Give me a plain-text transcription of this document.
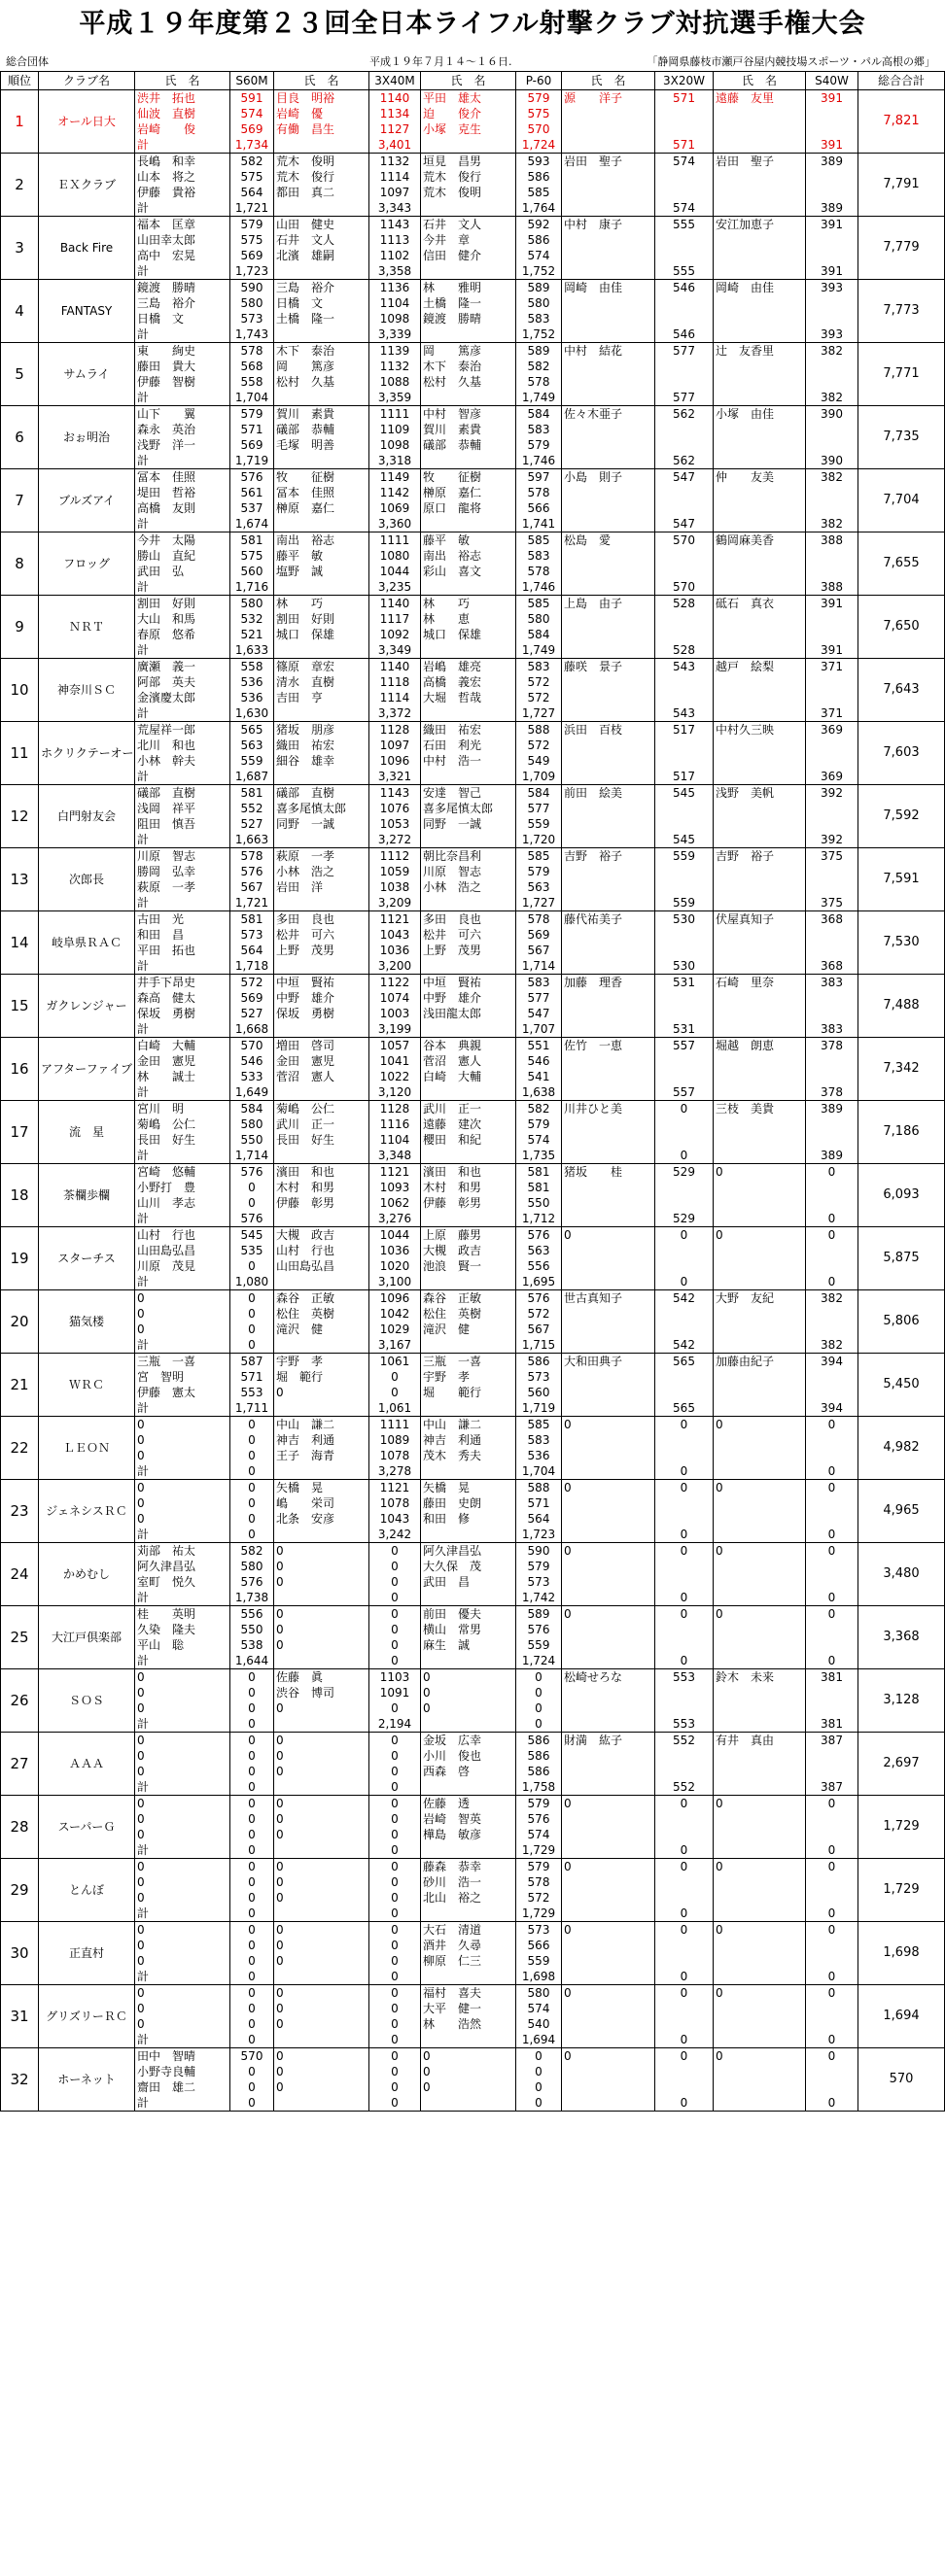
平成１９年度第２３回全日本ライフル射撃クラブ対抗選手権大会
総合団体	平成１９年７月１４～１６日.	「静岡県藤枝市瀬戸谷屋内競技場スポーツ・パル高根の郷」
順位	クラブ名	氏　名	S60M	氏　名	3X40M	氏　名	P-60	氏　名	3X20W	氏　名	S40W	総合合計
1	オール日大	渋井　拓也	591	目良　明裕	1140	平田　雄太	579	源　　洋子	571	遠藤　友里	391	7,821
		仙波　直樹	574	岩崎　優	1134	迫　　俊介	575					
		岩崎　　俊	569	有働　昌生	1127	小塚　克生	570					
		計	1,734		3,401		1,724		571		391	
2	ＥＸクラブ	長嶋　和幸	582	荒木　俊明	1132	垣見　昌男	593	岩田　聖子	574	岩田　聖子	389	7,791
		山本　将之	575	荒木　俊行	1114	荒木　俊行	586					
		伊藤　貴裕	564	都田　真二	1097	荒木　俊明	585					
		計	1,721		3,343		1,764		574		389	
3	Back Fire	福本　匡章	579	山田　健史	1143	石井　文人	592	中村　康子	555	安江加恵子	391	7,779
		山田幸太郎	575	石井　文人	1113	今井　章	586					
		高中　宏晃	569	北濱　雄嗣	1102	信田　健介	574					
		計	1,723		3,358		1,752		555		391	
4	FANTASY	鏡渡　勝晴	590	三島　裕介	1136	林　　雅明	589	岡崎　由佳	546	岡崎　由佳	393	7,773
		三島　裕介	580	日橋　文	1104	土橋　隆一	580					
		日橋　文	573	土橋　隆一	1098	鏡渡　勝晴	583					
		計	1,743		3,339		1,752		546		393	
5	サムライ	東　　絢史	578	木下　泰治	1139	岡　　篤彦	589	中村　結花	577	辻　友香里	382	7,771
		藤田　貴大	568	岡　　篤彦	1132	木下　泰治	582					
		伊藤　智樹	558	松村　久基	1088	松村　久基	578					
		計	1,704		3,359		1,749		577		382	
6	おぉ明治	山下　　翼	579	賀川　素貴	1111	中村　智彦	584	佐々木亜子	562	小塚　由佳	390	7,735
		森永　英治	571	礒部　恭輔	1109	賀川　素貴	583					
		浅野　洋一	569	毛塚　明善	1098	礒部　恭輔	579					
		計	1,719		3,318		1,746		562		390	
7	ブルズアイ	冨本　佳照	576	牧　　征樹	1149	牧　　征樹	597	小島　則子	547	仲　　友美	382	7,704
		堤田　哲裕	561	冨本　佳照	1142	榊原　嘉仁	578					
		高橋　友則	537	榊原　嘉仁	1069	原口　龍将	566					
		計	1,674		3,360		1,741		547		382	
8	フロッグ	今井　太陽	581	南出　裕志	1111	藤平　敏	585	松島　愛	570	鶴岡麻美香	388	7,655
		勝山　直紀	575	藤平　敏	1080	南出　裕志	583					
		武田　弘	560	塩野　誠	1044	彩山　喜文	578					
		計	1,716		3,235		1,746		570		388	
9	ＮＲＴ	割田　好則	580	林　　巧	1140	林　　巧	585	上島　由子	528	砥石　真衣	391	7,650
		大山　和馬	532	割田　好則	1117	林　　恵	580					
		春原　悠希	521	城口　保雄	1092	城口　保雄	584					
		計	1,633		3,349		1,749		528		391	
10	神奈川ＳＣ	廣瀬　義一	558	篠原　章宏	1140	岩嶋　雄亮	583	藤咲　景子	543	越戸　絵梨	371	7,643
		阿部　英夫	536	清水　直樹	1118	高橋　義宏	572					
		金濱慶太郎	536	吉田　亨	1114	大堀　哲哉	572					
		計	1,630		3,372		1,727		543		371	
11	ホクリクテーオー	荒屋祥一郎	565	猪坂　朋彦	1128	織田　祐宏	588	浜田　百枝	517	中村久三映	369	7,603
		北川　和也	563	織田　祐宏	1097	石田　利光	572					
		小林　幹夫	559	細谷　雄幸	1096	中村　浩一	549					
		計	1,687		3,321		1,709		517		369	
12	白門射友会	礒部　直樹	581	礒部　直樹	1143	安達　智己	584	前田　絵美	545	浅野　美帆	392	7,592
		浅岡　祥平	552	喜多尾慎太郎	1076	喜多尾慎太郎	577					
		阻田　慎吾	527	同野　一誠	1053	同野　一誠	559					
		計	1,663		3,272		1,720		545		392	
13	次郎長	川原　智志	578	萩原　一孝	1112	朝比奈昌利	585	吉野　裕子	559	吉野　裕子	375	7,591
		勝岡　弘幸	576	小林　浩之	1059	川原　智志	579					
		萩原　一孝	567	岩田　洋	1038	小林　浩之	563					
		計	1,721		3,209		1,727		559		375	
14	岐阜県ＲＡＣ	古田　光	581	多田　良也	1121	多田　良也	578	藤代祐美子	530	伏屋真知子	368	7,530
		和田　昌	573	松井　可六	1043	松井　可六	569					
		平田　拓也	564	上野　茂男	1036	上野　茂男	567					
		計	1,718		3,200		1,714		530		368	
15	ガクレンジャー	井手下昂史	572	中垣　賢祐	1122	中垣　賢祐	583	加藤　理香	531	石崎　里奈	383	7,488
		森高　健太	569	中野　雄介	1074	中野　雄介	577					
		保坂　勇樹	527	保坂　勇樹	1003	浅田龍太郎	547					
		計	1,668		3,199		1,707		531		383	
16	アフターファイブ	白崎　大輔	570	増田　啓司	1057	谷本　典親	551	佐竹　一恵	557	堀越　朗恵	378	7,342
		金田　憲児	546	金田　憲児	1041	菅沼　憲人	546					
		林　　誠士	533	菅沼　憲人	1022	白崎　大輔	541					
		計	1,649		3,120		1,638		557		378	
17	流　星	宮川　明	584	菊嶋　公仁	1128	武川　正一	582	川井ひと美	0	三枝　美貴	389	7,186
		菊嶋　公仁	580	武川　正一	1116	遠藤　建次	579					
		長田　好生	550	長田　好生	1104	櫻田　和紀	574					
		計	1,714		3,348		1,735		0		389	
18	茶欄歩欄	宮崎　悠輔	576	濱田　和也	1121	濱田　和也	581	猪坂　　桂	529	0	0	6,093
		小野打　豊	0	木村　和男	1093	木村　和男	581					
		山川　孝志	0	伊藤　彰男	1062	伊藤　彰男	550					
		計	576		3,276		1,712		529		0	
19	スターチス	山村　行也	545	大槻　政吉	1044	上原　藤男	576	0	0	0	0	5,875
		山田島弘昌	535	山村　行也	1036	大槻　政吉	563					
		川原　茂見	0	山田島弘昌	1020	池浪　賢一	556					
		計	1,080		3,100		1,695		0		0	
20	猫気楼	0	0	森谷　正敏	1096	森谷　正敏	576	世古真知子	542	大野　友紀	382	5,806
		0	0	松住　英樹	1042	松住　英樹	572					
		0	0	滝沢　健	1029	滝沢　健	567					
		計	0		3,167		1,715		542		382	
21	ＷＲＣ	三瓶　一喜	587	宇野　孝	1061	三瓶　一喜	586	大和田典子	565	加藤由紀子	394	5,450
		宮　智明	571	堀　範行	0	宇野　孝	573					
		伊藤　憲太	553	0	0	堀　　範行	560					
		計	1,711		1,061		1,719		565		394	
22	ＬＥＯＮ	0	0	中山　謙二	1111	中山　謙二	585	0	0	0	0	4,982
		0	0	神吉　利通	1089	神吉　利通	583					
		0	0	王子　海青	1078	茂木　秀夫	536					
		計	0		3,278		1,704		0		0	
23	ジェネシスＲＣ	0	0	矢橋　晃	1121	矢橋　晃	588	0	0	0	0	4,965
		0	0	嶋　　栄司	1078	藤田　史朗	571					
		0	0	北条　安彦	1043	和田　修	564					
		計	0		3,242		1,723		0		0	
24	かめむし	苅部　祐太	582	0	0	阿久津昌弘	590	0	0	0	0	3,480
		阿久津昌弘	580	0	0	大久保　茂	579					
		室町　悦久	576	0	0	武田　昌	573					
		計	1,738		0		1,742		0		0	
25	大江戸倶楽部	桂　　英明	556	0	0	前田　優夫	589	0	0	0	0	3,368
		久染　隆夫	550	0	0	横山　常男	576					
		平山　聡	538	0	0	麻生　誠	559					
		計	1,644		0		1,724		0		0	
26	ＳＯＳ	0	0	佐藤　眞	1103	0	0	松崎せろな	553	鈴木　未来	381	3,128
		0	0	渋谷　博司	1091	0	0					
		0	0	0	0	0	0					
		計	0		2,194		0		553		381	
27	ＡＡＡ	0	0	0	0	金坂　広幸	586	財満　紘子	552	有井　真由	387	2,697
		0	0	0	0	小川　俊也	586					
		0	0	0	0	西森　啓	586					
		計	0		0		1,758		552		387	
28	スーパーＧ	0	0	0	0	佐藤　透	579	0	0	0	0	1,729
		0	0	0	0	岩崎　智英	576					
		0	0	0	0	樺島　敏彦	574					
		計	0		0		1,729		0		0	
29	とんぼ	0	0	0	0	藤森　恭幸	579	0	0	0	0	1,729
		0	0	0	0	砂川　浩一	578					
		0	0	0	0	北山　裕之	572					
		計	0		0		1,729		0		0	
30	正直村	0	0	0	0	大石　清道	573	0	0	0	0	1,698
		0	0	0	0	酒井　久尋	566					
		0	0	0	0	柳原　仁三	559					
		計	0		0		1,698		0		0	
31	グリズリーＲＣ	0	0	0	0	福村　喜夫	580	0	0	0	0	1,694
		0	0	0	0	大平　健一	574					
		0	0	0	0	林　　浩然	540					
		計	0		0		1,694		0		0	
32	ホーネット	田中　智晴	570	0	0	0	0	0	0	0	0	570
		小野寺良輔	0	0	0	0	0					
		齋田　雄二	0	0	0	0	0					
		計	0		0		0		0		0	
